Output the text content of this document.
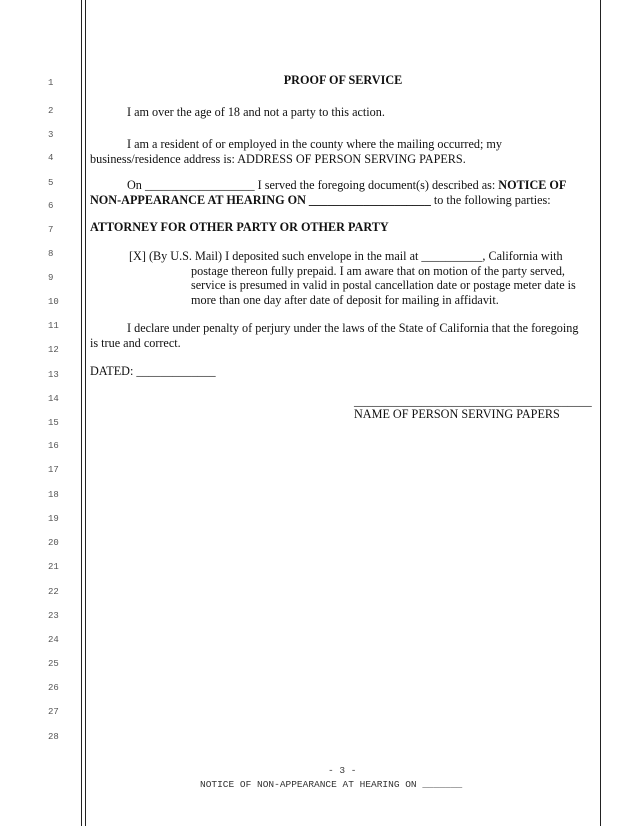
1
2
3
4
5
6
7
8
9
10
11
12
13
14
15
16
17
18
19
20
21
22
23
24
25
26
27
28
PROOF OF SERVICE
I am over the age of 18 and not a party to this action.
I am a resident of or employed in the county where the mailing occurred; my
business/residence address is: ADDRESS OF PERSON SERVING PAPERS.
On __________________ I served the foregoing document(s) described as: NOTICE OF
NON-APPEARANCE AT HEARING ON ____________________ to the following parties:
ATTORNEY FOR OTHER PARTY OR OTHER PARTY
[X] (By U.S. Mail) I deposited such envelope in the mail at __________, California with
postage thereon fully prepaid. I am aware that on motion of the party served,
service is presumed in valid in postal cancellation date or postage meter date is
more than one day after date of deposit for mailing in affidavit.
I declare under penalty of perjury under the laws of the State of California that the foregoing
is true and correct.
DATED: _____________
_______________________________________
NAME OF PERSON SERVING PAPERS
- 3 -
NOTICE OF NON-APPEARANCE AT HEARING ON _______
